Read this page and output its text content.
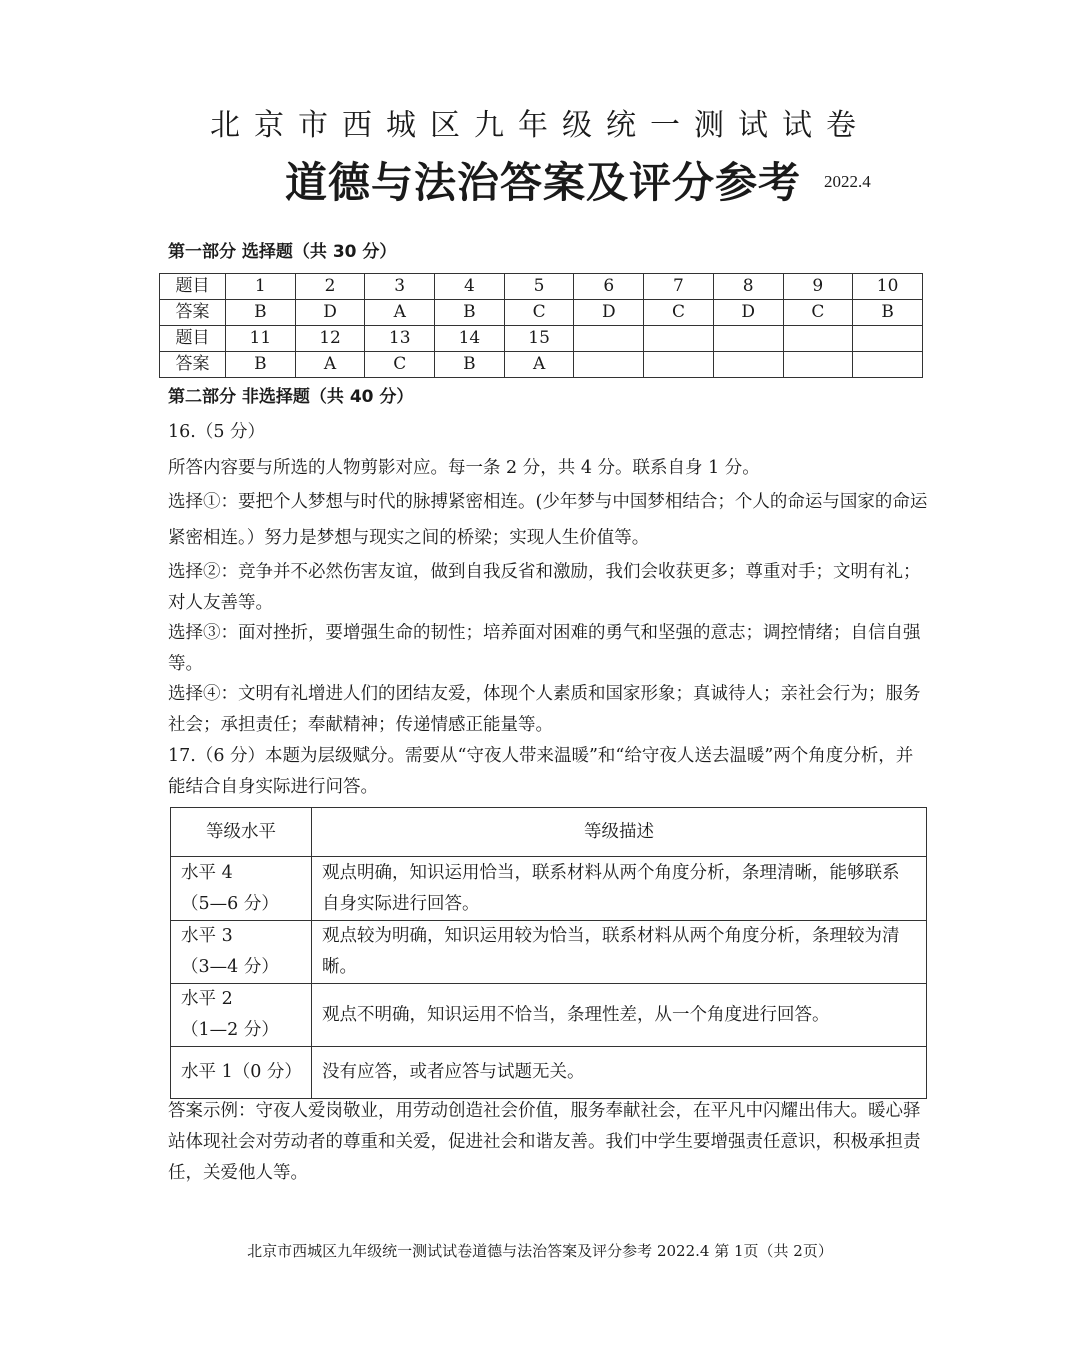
北京市西城区九年级统一测试试卷
道德与法治答案及评分参考 2022.4
第一部分 选择题（共 30 分）
题目	1	2	3	4	5	6	7	8	9	10
答案	B	D	A	B	C	D	C	D	C	B
题目	11	12	13	14	15					
答案	B	A	C	B	A					
第二部分 非选择题（共 40 分）
16.（5 分）
所答内容要与所选的人物剪影对应。每一条 2 分，共 4 分。联系自身 1 分。
选择①：要把个人梦想与时代的脉搏紧密相连。(少年梦与中国梦相结合；个人的命运与国家的命运紧密相连。）努力是梦想与现实之间的桥梁；实现人生价值等。
选择②：竞争并不必然伤害友谊，做到自我反省和激励，我们会收获更多；尊重对手；文明有礼；对人友善等。
选择③：面对挫折，要增强生命的韧性；培养面对困难的勇气和坚强的意志；调控情绪；自信自强等。
选择④：文明有礼增进人们的团结友爱，体现个人素质和国家形象；真诚待人；亲社会行为；服务社会；承担责任；奉献精神；传递情感正能量等。
17.（6 分）本题为层级赋分。需要从“守夜人带来温暖”和“给守夜人送去温暖”两个角度分析，并能结合自身实际进行问答。
等级水平	等级描述

水平 4
（5—6 分）	观点明确，知识运用恰当，联系材料从两个角度分析，条理清晰，能够联系自身实际进行回答。

水平 3
（3—4 分）	观点较为明确，知识运用较为恰当，联系材料从两个角度分析，条理较为清晰。

水平 2
（1—2 分）	观点不明确，知识运用不恰当，条理性差，从一个角度进行回答。

水平 1（0 分）	没有应答，或者应答与试题无关。
答案示例：守夜人爱岗敬业，用劳动创造社会价值，服务奉献社会，在平凡中闪耀出伟大。暖心驿站体现社会对劳动者的尊重和关爱，促进社会和谐友善。我们中学生要增强责任意识，积极承担责任，关爱他人等。
北京市西城区九年级统一测试试卷道德与法治答案及评分参考 2022.4 第 1页（共 2页）
